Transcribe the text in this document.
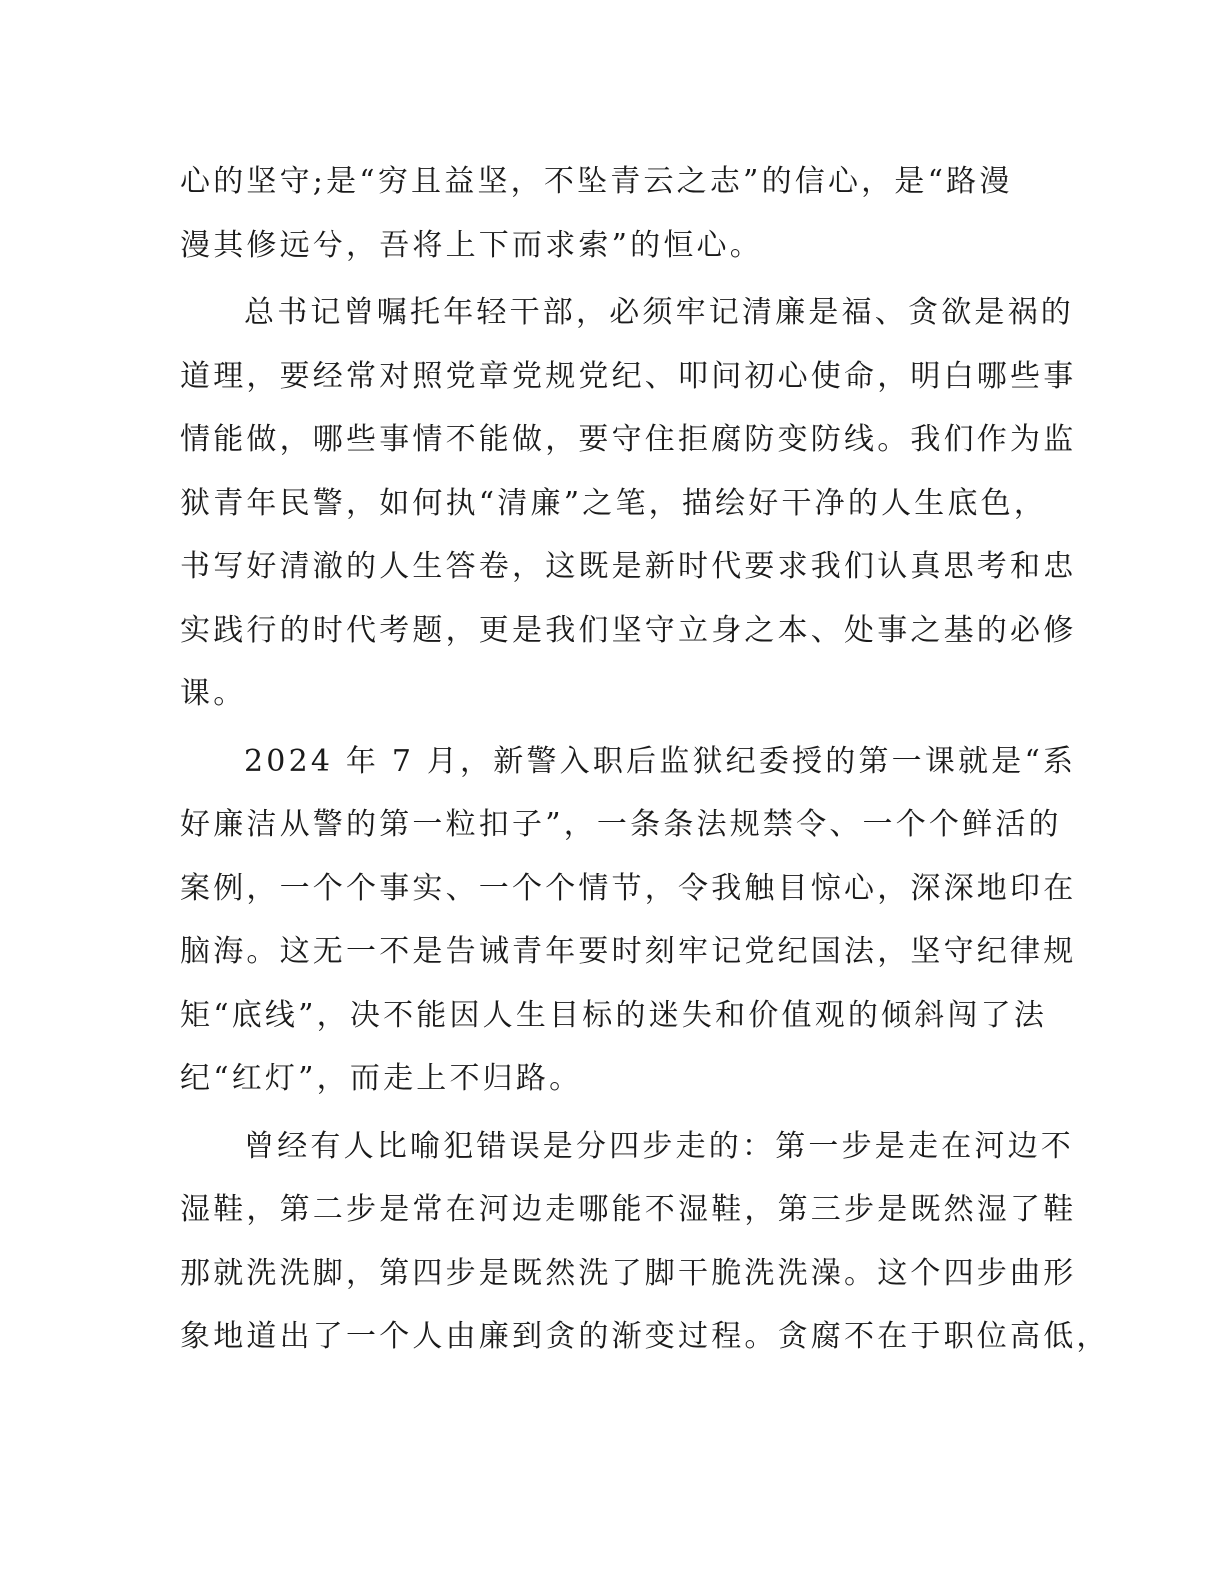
心的坚守;是“穷且益坚，不坠青云之志”的信心，是“路漫
漫其修远兮，吾将上下而求索”的恒心。
总书记曾嘱托年轻干部，必须牢记清廉是福、贪欲是祸的
道理，要经常对照党章党规党纪、叩问初心使命，明白哪些事
情能做，哪些事情不能做，要守住拒腐防变防线。我们作为监
狱青年民警，如何执“清廉”之笔，描绘好干净的人生底色，
书写好清澈的人生答卷，这既是新时代要求我们认真思考和忠
实践行的时代考题，更是我们坚守立身之本、处事之基的必修
课。
2024 年 7 月，新警入职后监狱纪委授的第一课就是“系
好廉洁从警的第一粒扣子”，一条条法规禁令、一个个鲜活的
案例，一个个事实、一个个情节，令我触目惊心，深深地印在
脑海。这无一不是告诫青年要时刻牢记党纪国法，坚守纪律规
矩“底线”，决不能因人生目标的迷失和价值观的倾斜闯了法
纪“红灯”，而走上不归路。
曾经有人比喻犯错误是分四步走的：第一步是走在河边不
湿鞋，第二步是常在河边走哪能不湿鞋，第三步是既然湿了鞋
那就洗洗脚，第四步是既然洗了脚干脆洗洗澡。这个四步曲形
象地道出了一个人由廉到贪的渐变过程。贪腐不在于职位高低，
